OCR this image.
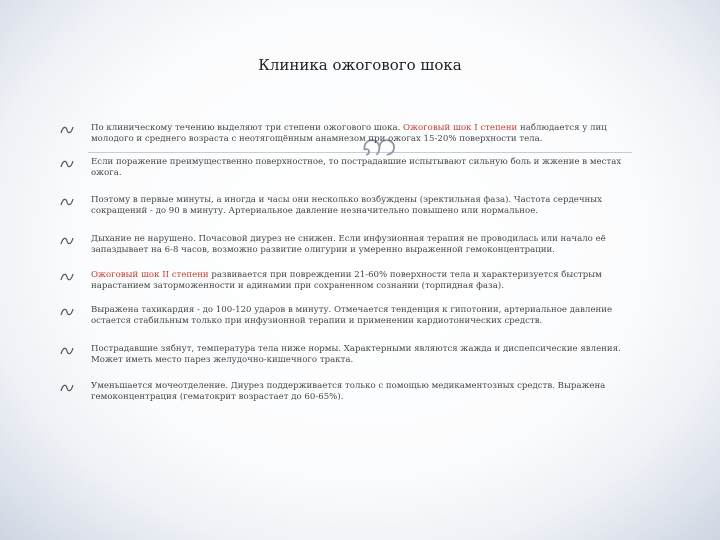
Клиника ожогового шока
ဢ
По клиническому течению выделяют три степени ожогового шока. Ожоговый шок I степени наблюдается у лиц молодого и среднего возраста с неотягощённым анамнезом при ожогах 15-20% поверхности тела.
Если поражение преимущественно поверхностное, то пострадавшие испытывают сильную боль и жжение в местах ожога.
Поэтому в первые минуты, а иногда и часы они несколько возбуждены (эректильная фаза). Частота сердечных сокращений - до 90 в минуту. Артериальное давление незначительно повышено или нормальное.
Дыхание не нарушено. Почасовой диурез не снижен. Если инфузионная терапия не проводилась или начало её запаздывает на 6-8 часов, возможно развитие олигурии и умеренно выраженной гемоконцентрации.
Ожоговый шок II степени развивается при повреждении 21-60% поверхности тела и характеризуется быстрым нарастанием заторможенности и адинамии при сохраненном сознании (торпидная фаза).
Выражена тахикардия - до 100-120 ударов в минуту. Отмечается тенденция к гипотонии, артериальное давление остается стабильным только при инфузионной терапии и применении кардиотонических средств.
Пострадавшие зябнут, температура тела ниже нормы. Характерными являются жажда и диспепсические явления. Может иметь место парез желудочно-кишечного тракта.
Уменьшается мочеотделение. Диурез поддерживается только с помощью медикаментозных средств. Выражена гемоконцентрация (гематокрит возрастает до 60-65%).
